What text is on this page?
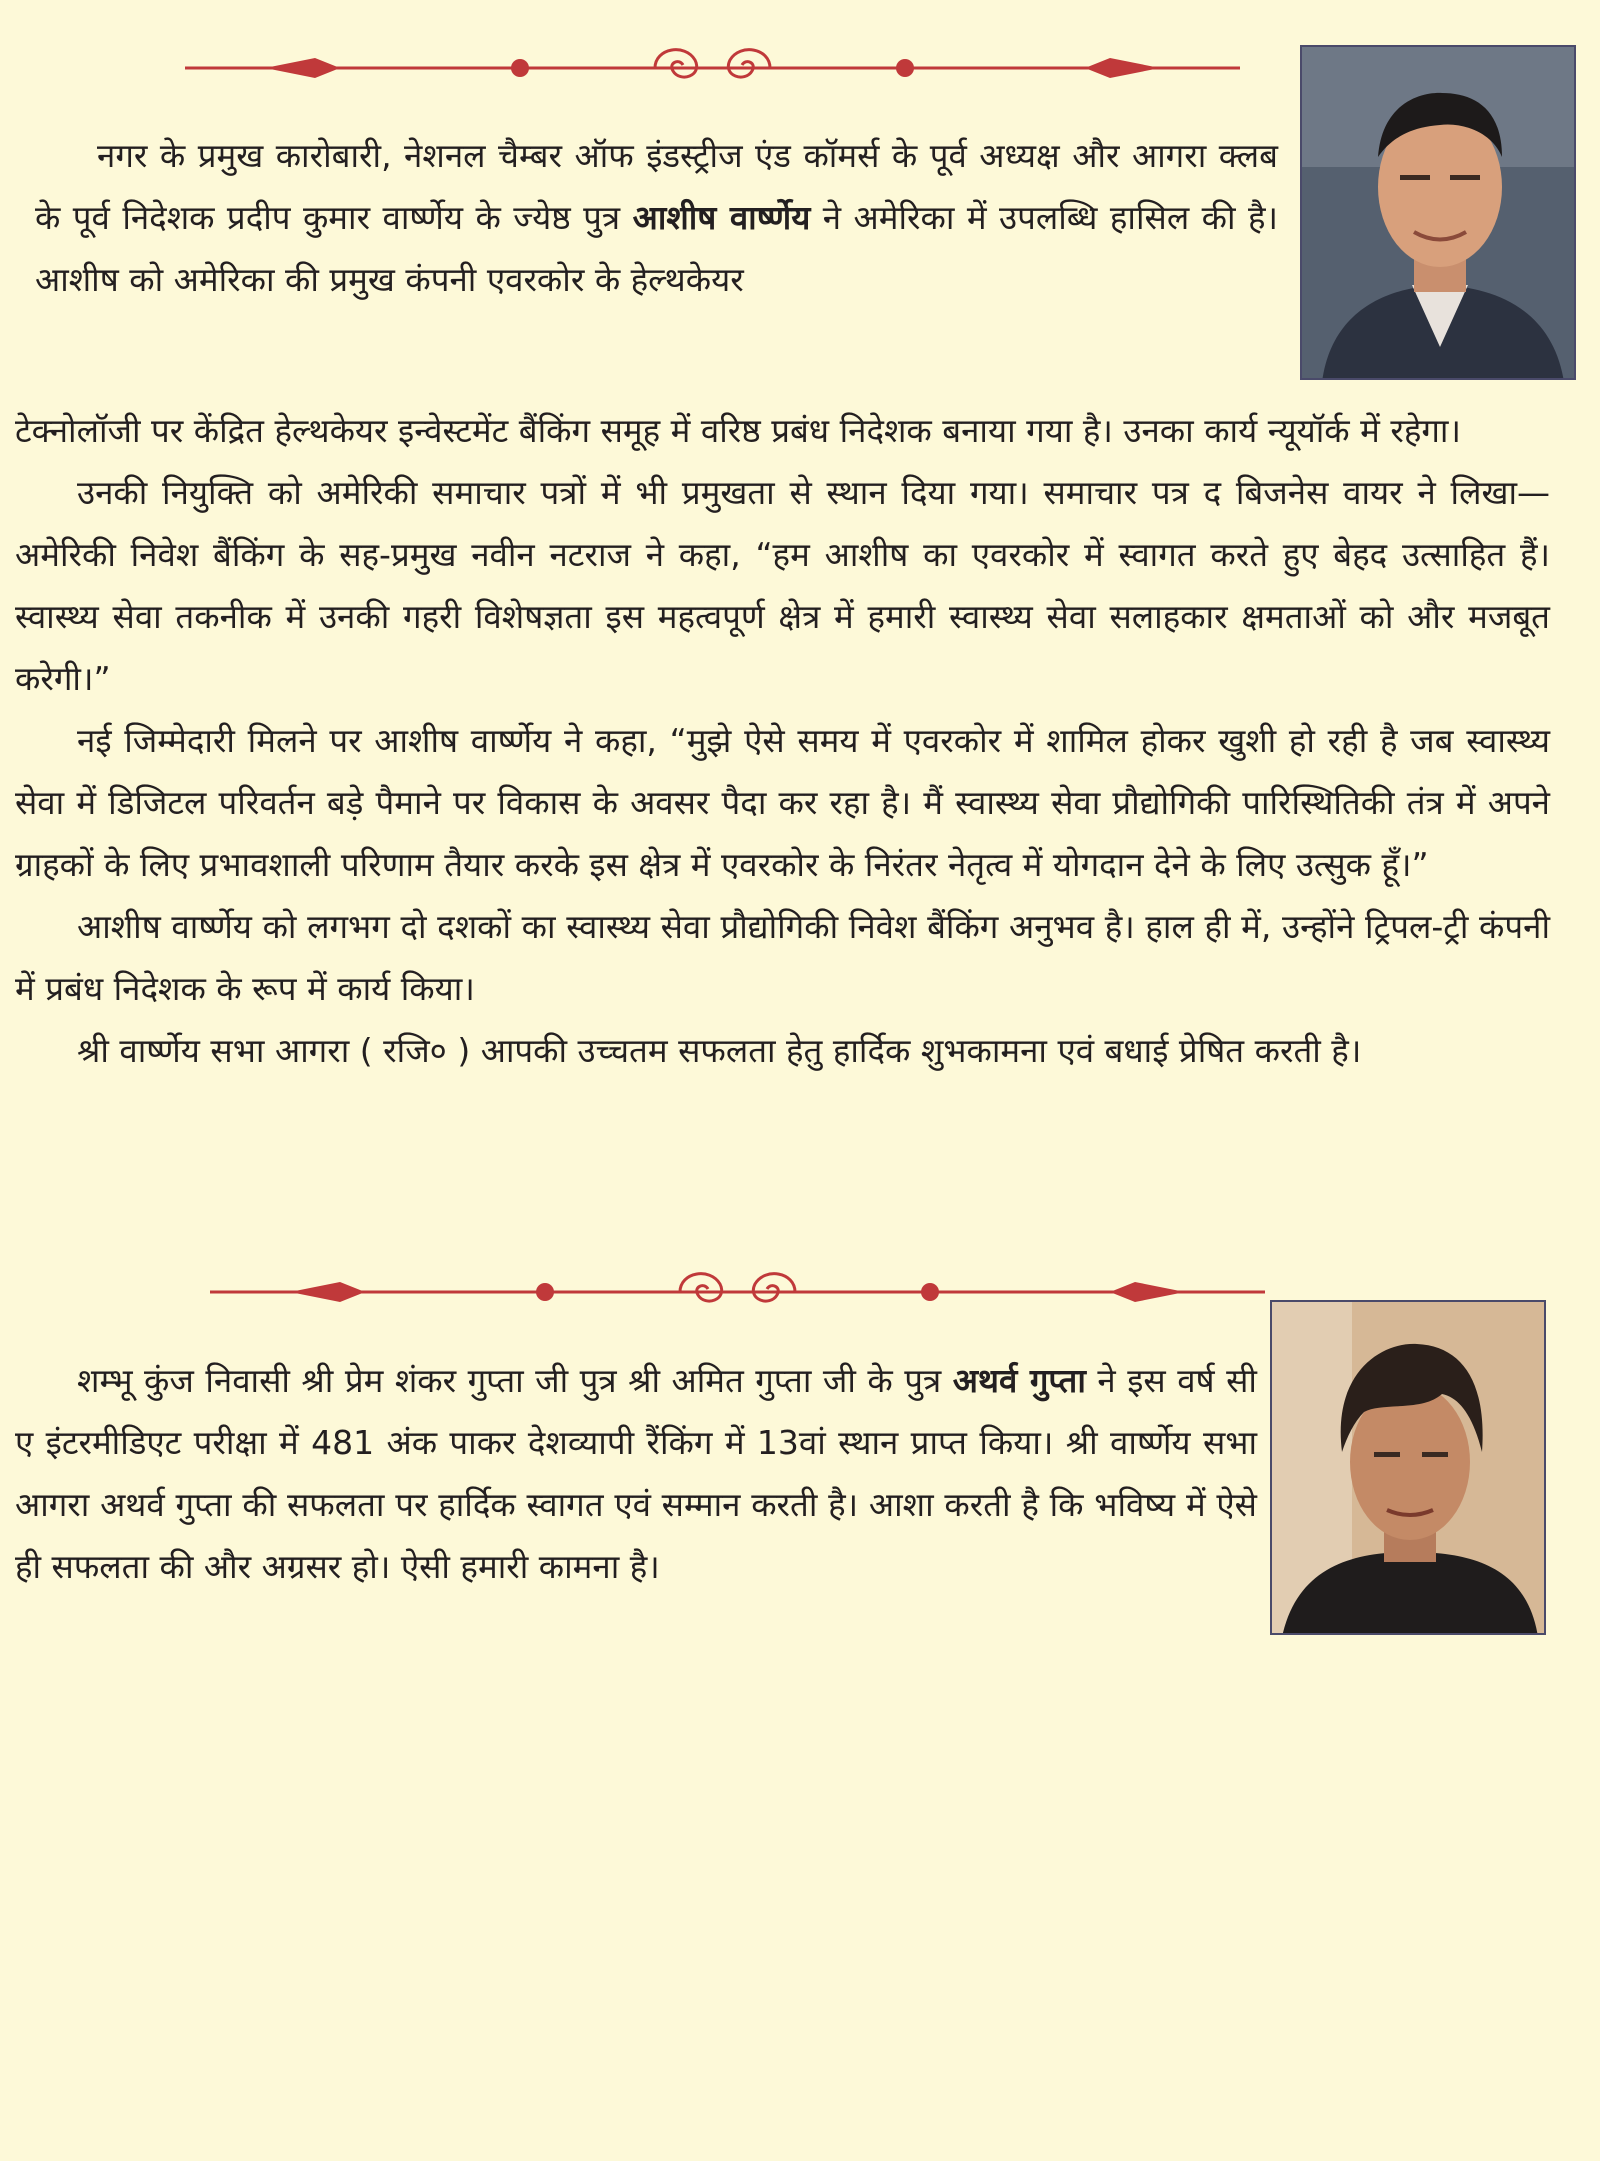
नगर के प्रमुख कारोबारी, नेशनल चैम्बर ऑफ इंडस्ट्रीज एंड कॉमर्स के पूर्व अध्यक्ष और आगरा क्लब के पूर्व निदेशक प्रदीप कुमार वार्ष्णेय के ज्येष्ठ पुत्र आशीष वार्ष्णेय ने अमेरिका में उपलब्धि हासिल की है। आशीष को अमेरिका की प्रमुख कंपनी एवरकोर के हेल्थकेयर

टेक्नोलॉजी पर केंद्रित हेल्थकेयर इन्वेस्टमेंट बैंकिंग समूह में वरिष्ठ प्रबंध निदेशक बनाया गया है। उनका कार्य न्यूयॉर्क में रहेगा।

उनकी नियुक्ति को अमेरिकी समाचार पत्रों में भी प्रमुखता से स्थान दिया गया। समाचार पत्र द बिजनेस वायर ने लिखा—अमेरिकी निवेश बैंकिंग के सह-प्रमुख नवीन नटराज ने कहा, “हम आशीष का एवरकोर में स्वागत करते हुए बेहद उत्साहित हैं। स्वास्थ्य सेवा तकनीक में उनकी गहरी विशेषज्ञता इस महत्वपूर्ण क्षेत्र में हमारी स्वास्थ्य सेवा सलाहकार क्षमताओं को और मजबूत करेगी।”

नई जिम्मेदारी मिलने पर आशीष वार्ष्णेय ने कहा, “मुझे ऐसे समय में एवरकोर में शामिल होकर खुशी हो रही है जब स्वास्थ्य सेवा में डिजिटल परिवर्तन बड़े पैमाने पर विकास के अवसर पैदा कर रहा है। मैं स्वास्थ्य सेवा प्रौद्योगिकी पारिस्थितिकी तंत्र में अपने ग्राहकों के लिए प्रभावशाली परिणाम तैयार करके इस क्षेत्र में एवरकोर के निरंतर नेतृत्व में योगदान देने के लिए उत्सुक हूँ।”

आशीष वार्ष्णेय को लगभग दो दशकों का स्वास्थ्य सेवा प्रौद्योगिकी निवेश बैंकिंग अनुभव है। हाल ही में, उन्होंने ट्रिपल-ट्री कंपनी में प्रबंध निदेशक के रूप में कार्य किया।

श्री वार्ष्णेय सभा आगरा ( रजि० ) आपकी उच्चतम सफलता हेतु हार्दिक शुभकामना एवं बधाई प्रेषित करती है।

शम्भू कुंज निवासी श्री प्रेम शंकर गुप्ता जी पुत्र श्री अमित गुप्ता जी के पुत्र अथर्व गुप्ता ने इस वर्ष सी ए इंटरमीडिएट परीक्षा में 481 अंक पाकर देशव्यापी रैंकिंग में 13वां स्थान प्राप्त किया। श्री वार्ष्णेय सभा आगरा अथर्व गुप्ता की सफलता पर हार्दिक स्वागत एवं सम्मान करती है। आशा करती है कि भविष्य में ऐसे ही सफलता की और अग्रसर हो। ऐसी हमारी कामना है।
